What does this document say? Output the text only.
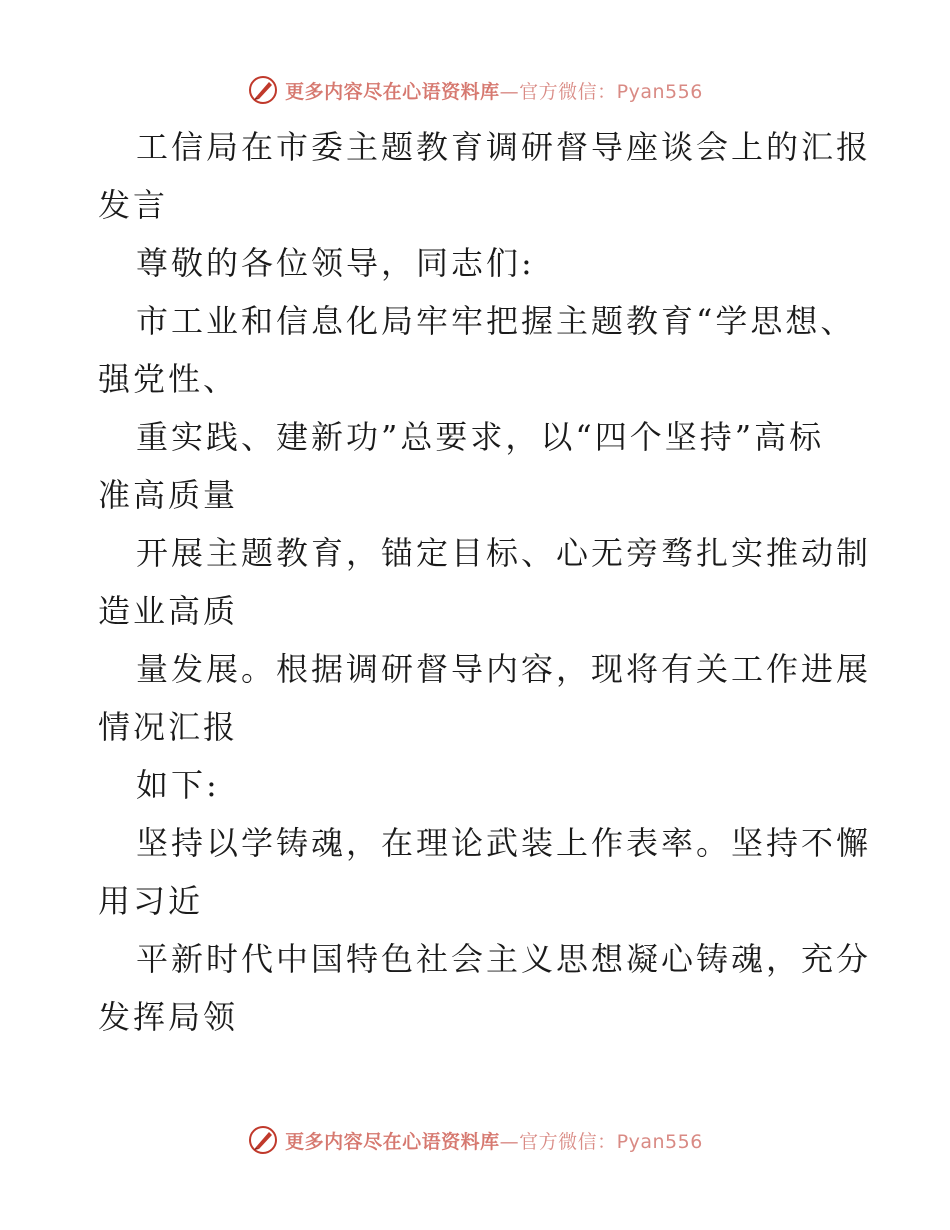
更多内容尽在心语资料库—官方微信：Pyan556
工信局在市委主题教育调研督导座谈会上的汇报
发言
尊敬的各位领导，同志们:
市工业和信息化局牢牢把握主题教育“学思想、
强党性、
重实践、建新功”总要求，以“四个坚持”高标
准高质量
开展主题教育，锚定目标、心无旁骛扎实推动制
造业高质
量发展。根据调研督导内容，现将有关工作进展
情况汇报
如下:
坚持以学铸魂，在理论武装上作表率。坚持不懈
用习近
平新时代中国特色社会主义思想凝心铸魂，充分
发挥局领
更多内容尽在心语资料库—官方微信：Pyan556
